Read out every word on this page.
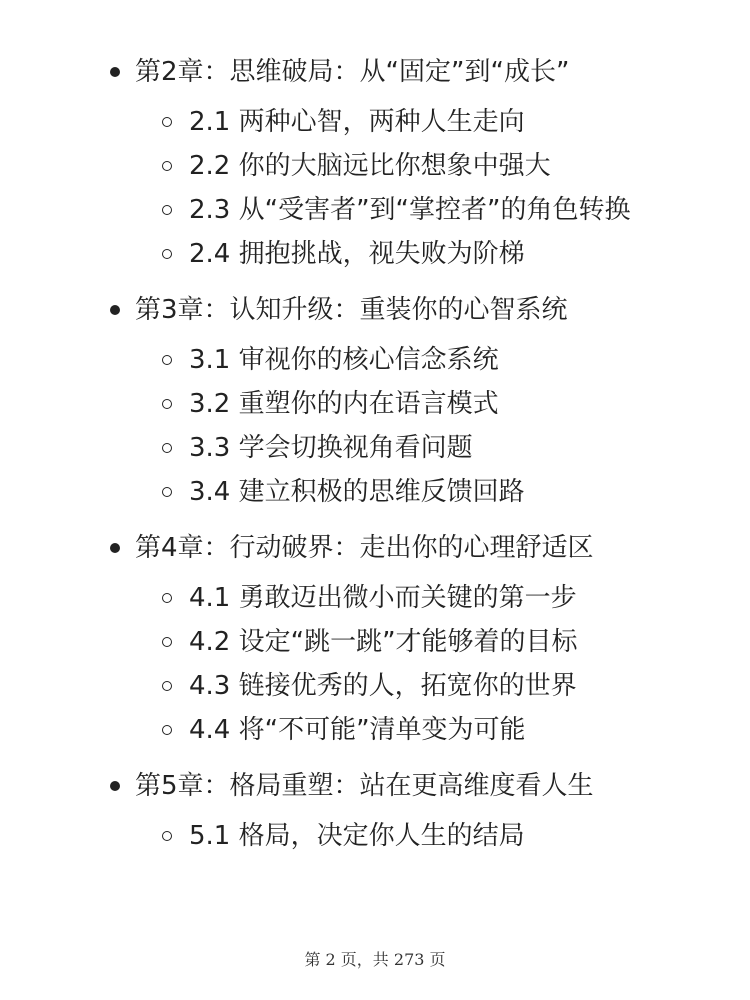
第2章：思维破局：从“固定”到“成长”
2.1 两种心智，两种人生走向
2.2 你的大脑远比你想象中强大
2.3 从“受害者”到“掌控者”的角色转换
2.4 拥抱挑战，视失败为阶梯
第3章：认知升级：重装你的心智系统
3.1 审视你的核心信念系统
3.2 重塑你的内在语言模式
3.3 学会切换视角看问题
3.4 建立积极的思维反馈回路
第4章：行动破界：走出你的心理舒适区
4.1 勇敢迈出微小而关键的第一步
4.2 设定“跳一跳”才能够着的目标
4.3 链接优秀的人，拓宽你的世界
4.4 将“不可能”清单变为可能
第5章：格局重塑：站在更高维度看人生
5.1 格局，决定你人生的结局
第 2 页，共 273 页
